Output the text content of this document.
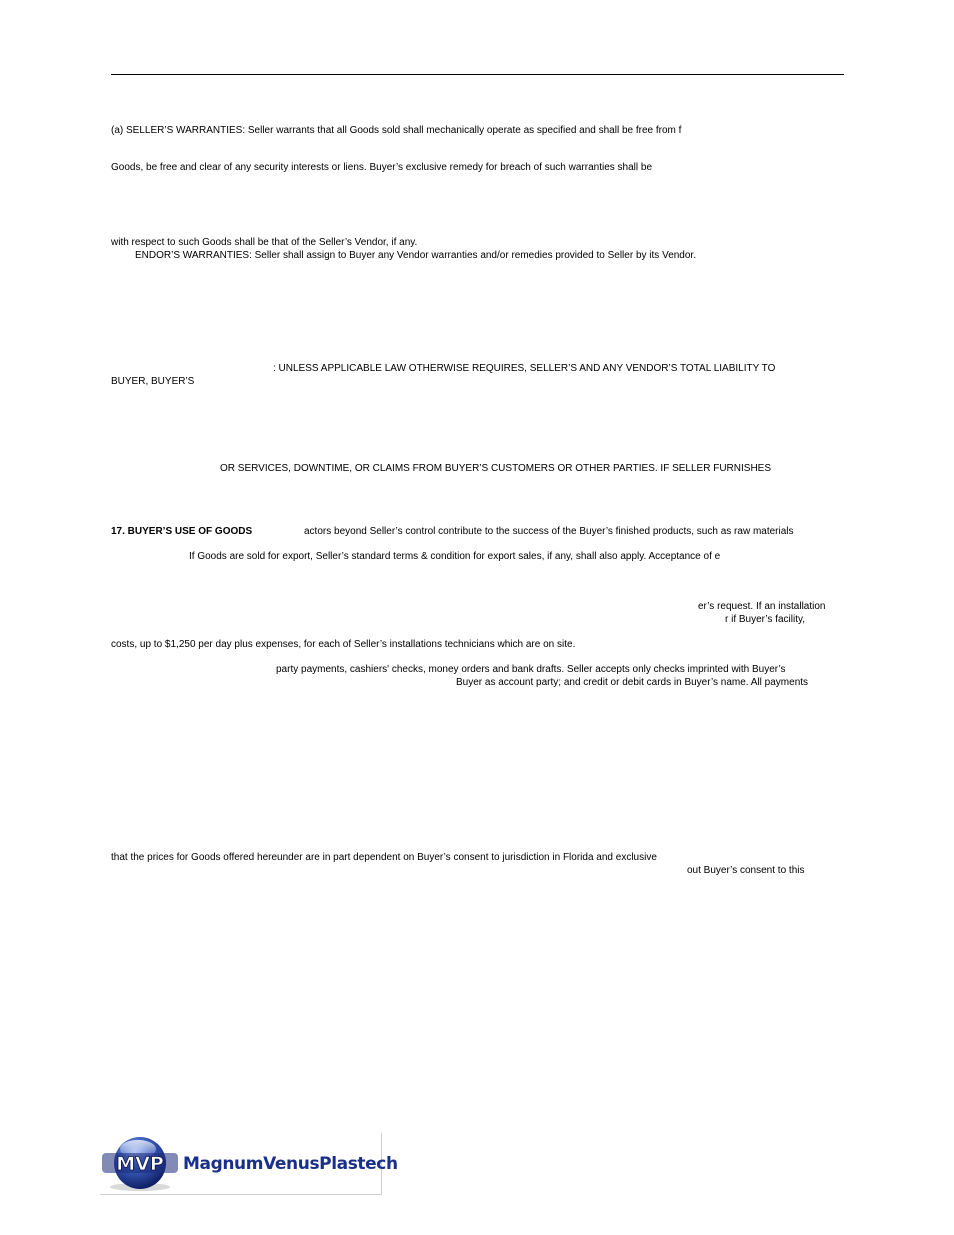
(a) SELLER’S WARRANTIES: Seller warrants that all Goods sold shall mechanically operate as specified and shall be free from f
Goods, be free and clear of any security interests or liens. Buyer’s exclusive remedy for breach of such warranties shall be
with respect to such Goods shall be that of the Seller’s Vendor, if any.
ENDOR’S WARRANTIES: Seller shall assign to Buyer any Vendor warranties and/or remedies provided to Seller by its Vendor.
: UNLESS APPLICABLE LAW OTHERWISE REQUIRES, SELLER’S AND ANY VENDOR’S TOTAL LIABILITY TO
BUYER, BUYER’S
OR SERVICES, DOWNTIME, OR CLAIMS FROM BUYER’S CUSTOMERS OR OTHER PARTIES. IF SELLER FURNISHES
17. BUYER’S USE OF GOODS	actors beyond Seller’s control contribute to the success of the Buyer’s finished products, such as raw materials
If Goods are sold for export, Seller’s standard terms & condition for export sales, if any, shall also apply. Acceptance of e
er’s request. If an installation
r if Buyer’s facility,
costs, up to $1,250 per day plus expenses, for each of Seller’s installations technicians which are on site.
party payments, cashiers' checks, money orders and bank drafts. Seller accepts only checks imprinted with Buyer’s
Buyer as account party; and credit or debit cards in Buyer’s name. All payments
that the prices for Goods offered hereunder are in part dependent on Buyer’s consent to jurisdiction in Florida and exclusive
out Buyer’s consent to this
MVP MagnumVenusPlastech
